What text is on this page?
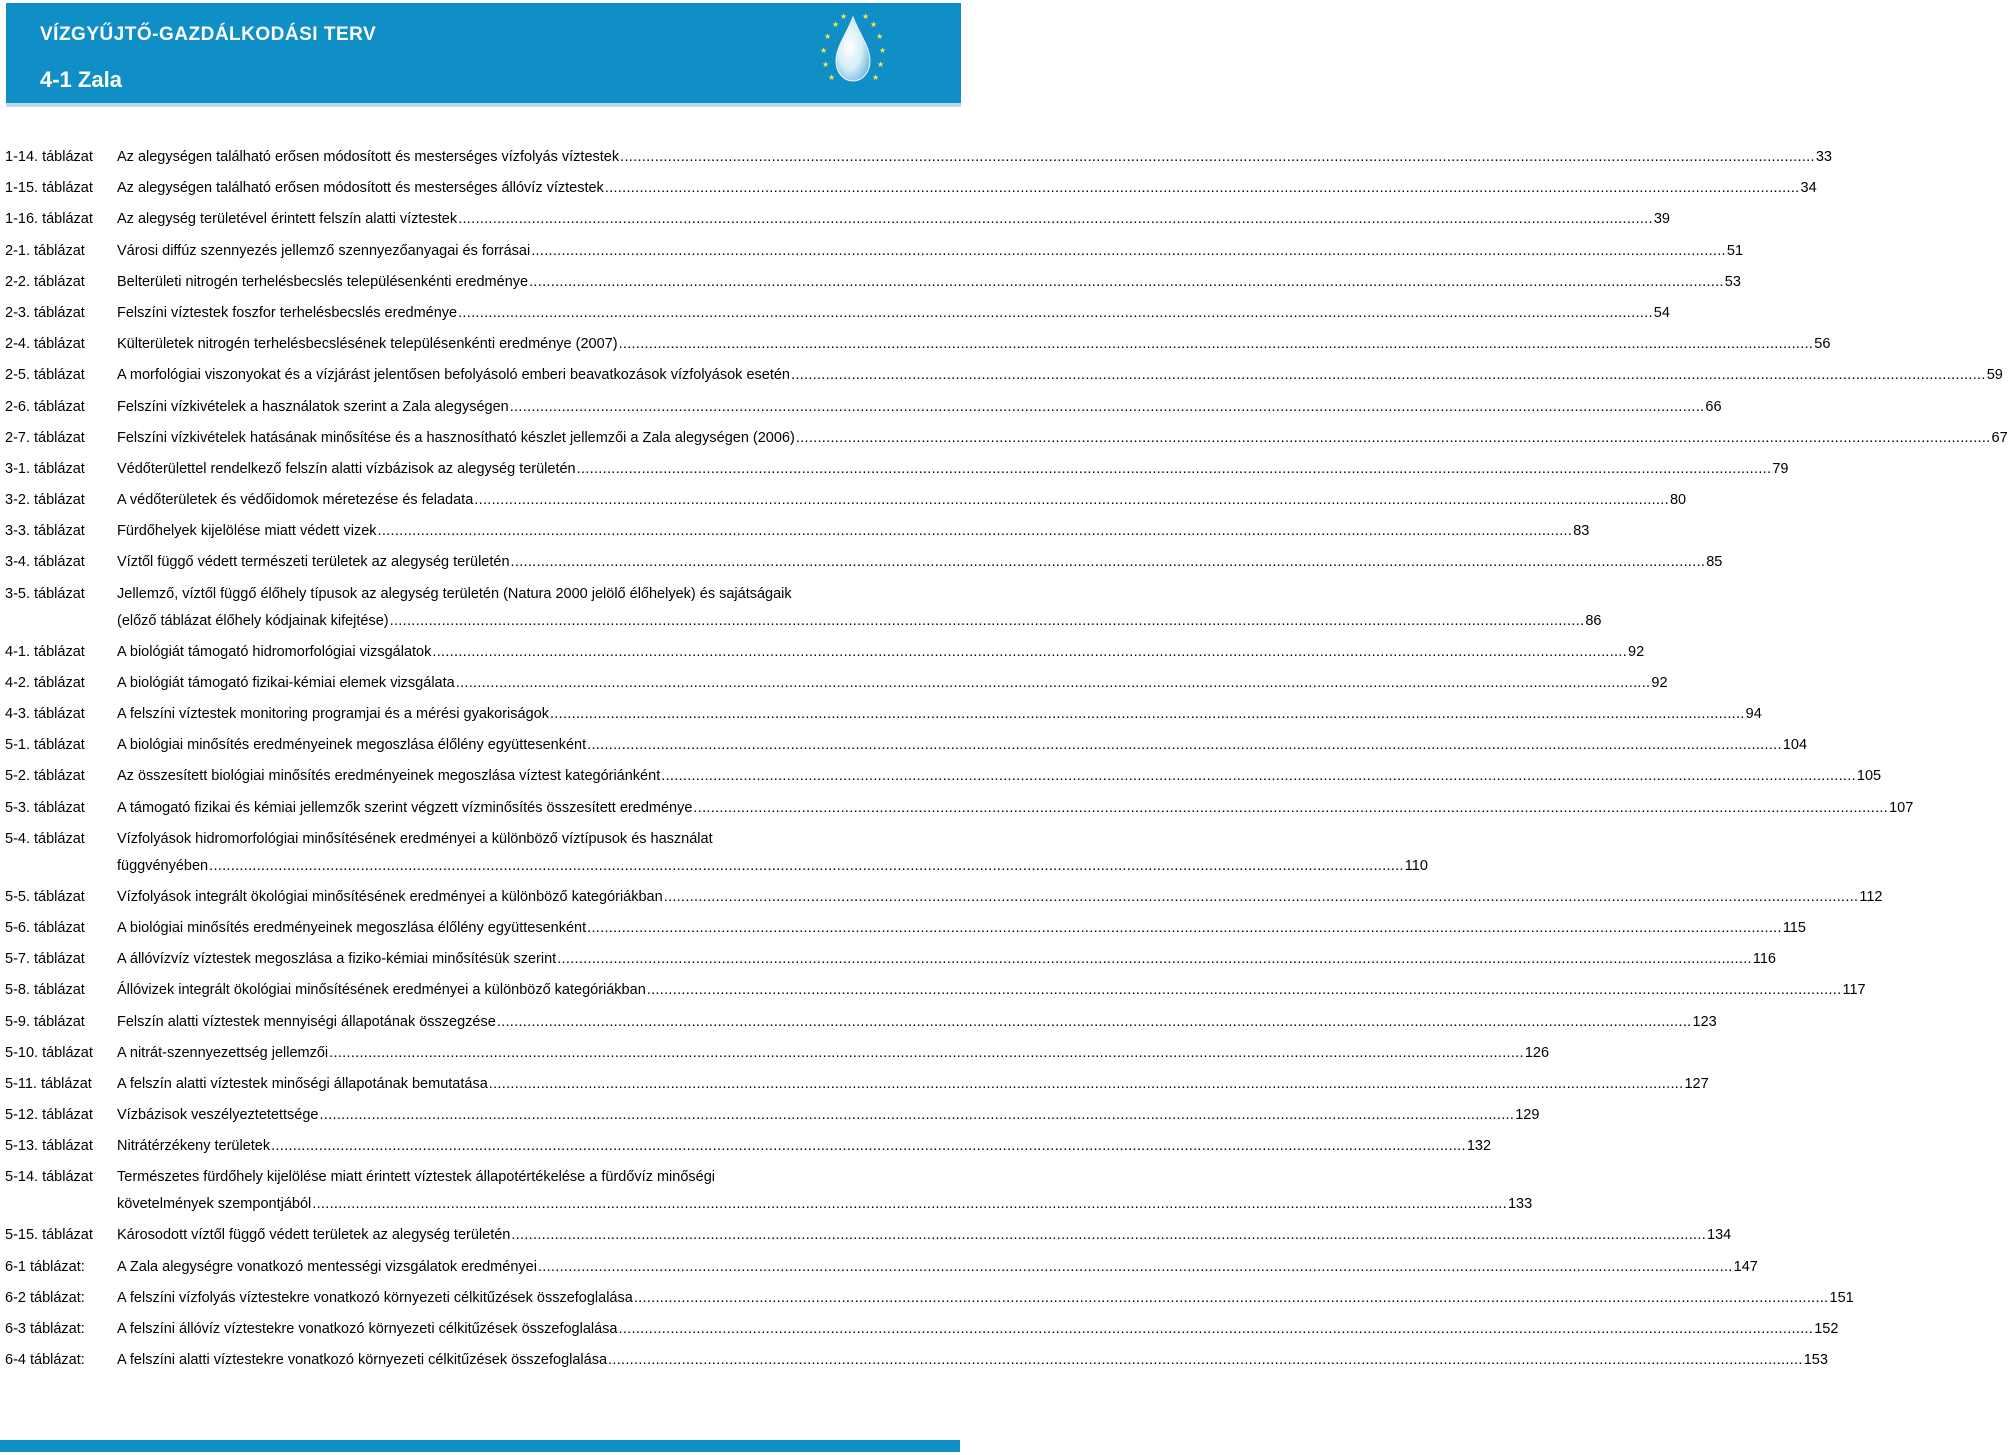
VÍZGYŰJTŐ-GAZDÁLKODÁSI TERV
4-1 Zala
★
★
★
★
★	★
★
★
★
★
★ ★
1-14. táblázat	Az alegységen található erősen módosított és mesterséges vízfolyás víztestek .....	33
1-15. táblázat	Az alegységen található erősen módosított és mesterséges állóvíz víztestek .....	34
1-16. táblázat	Az alegység területével érintett felszín alatti víztestek .....	39
2-1. táblázat	Városi diffúz szennyezés jellemző szennyezőanyagai és forrásai .....	51
2-2. táblázat	Belterületi nitrogén terhelésbecslés településenkénti eredménye .....	53
2-3. táblázat	Felszíni víztestek foszfor terhelésbecslés eredménye .....	54
2-4. táblázat	Külterületek nitrogén terhelésbecslésének településenkénti eredménye (2007) .....	56
2-5. táblázat	A morfológiai viszonyokat és a vízjárást jelentősen befolyásoló emberi beavatkozások vízfolyások esetén .....	59
2-6. táblázat	Felszíni vízkivételek a használatok szerint a Zala alegységen .....	66
2-7. táblázat	Felszíni vízkivételek hatásának minősítése és a hasznosítható készlet jellemzői a Zala alegységen (2006) .....	67
3-1. táblázat	Védőterülettel rendelkező felszín alatti vízbázisok az alegység területén .....	79
3-2. táblázat	A védőterületek és védőidomok méretezése és feladata .....	80
3-3. táblázat	Fürdőhelyek kijelölése miatt védett vizek .....	83
3-4. táblázat	Víztől függő védett természeti területek az alegység területén .....	85
3-5. táblázat	Jellemző, víztől függő élőhely típusok az alegység területén (Natura 2000 jelölő élőhelyek) és sajátságaik
(előző táblázat élőhely kódjainak kifejtése) .....	86
4-1. táblázat	A biológiát támogató hidromorfológiai vizsgálatok .....	92
4-2. táblázat	A biológiát támogató fizikai-kémiai elemek vizsgálata .....	92
4-3. táblázat	A felszíni víztestek monitoring programjai és a mérési gyakoriságok .....	94
5-1. táblázat	A biológiai minősítés eredményeinek megoszlása élőlény együttesenként .....	104
5-2. táblázat	Az összesített biológiai minősítés eredményeinek megoszlása víztest kategóriánként .....	105
5-3. táblázat	A támogató fizikai és kémiai jellemzők szerint végzett vízminősítés összesített eredménye .....	107
5-4. táblázat	Vízfolyások hidromorfológiai minősítésének eredményei a különböző víztípusok és használat
függvényében .....	110
5-5. táblázat	Vízfolyások integrált ökológiai minősítésének eredményei a különböző kategóriákban .....	112
5-6. táblázat	A biológiai minősítés eredményeinek megoszlása élőlény együttesenként .....	115
5-7. táblázat	A állóvízvíz víztestek megoszlása a fiziko-kémiai minősítésük szerint .....	116
5-8. táblázat	Állóvizek integrált ökológiai minősítésének eredményei a különböző kategóriákban .....	117
5-9. táblázat	Felszín alatti víztestek mennyiségi állapotának összegzése .....	123
5-10. táblázat	A nitrát-szennyezettség jellemzői .....	126
5-11. táblázat	A felszín alatti víztestek minőségi állapotának bemutatása .....	127
5-12. táblázat	Vízbázisok veszélyeztetettsége .....	129
5-13. táblázat	Nitrátérzékeny területek .....	132
5-14. táblázat	Természetes fürdőhely kijelölése miatt érintett víztestek állapotértékelése a fürdővíz minőségi
követelmények szempontjából .....	133
5-15. táblázat	Károsodott víztől függő védett területek az alegység területén .....	134
6-1 táblázat:	A Zala alegységre vonatkozó mentességi vizsgálatok eredményei .....	147
6-2 táblázat:	A felszíni vízfolyás víztestekre vonatkozó környezeti célkitűzések összefoglalása .....	151
6-3 táblázat:	A felszíni állóvíz víztestekre vonatkozó környezeti célkitűzések összefoglalása .....	152
6-4 táblázat:	A felszíni alatti víztestekre vonatkozó környezeti célkitűzések összefoglalása .....	153
